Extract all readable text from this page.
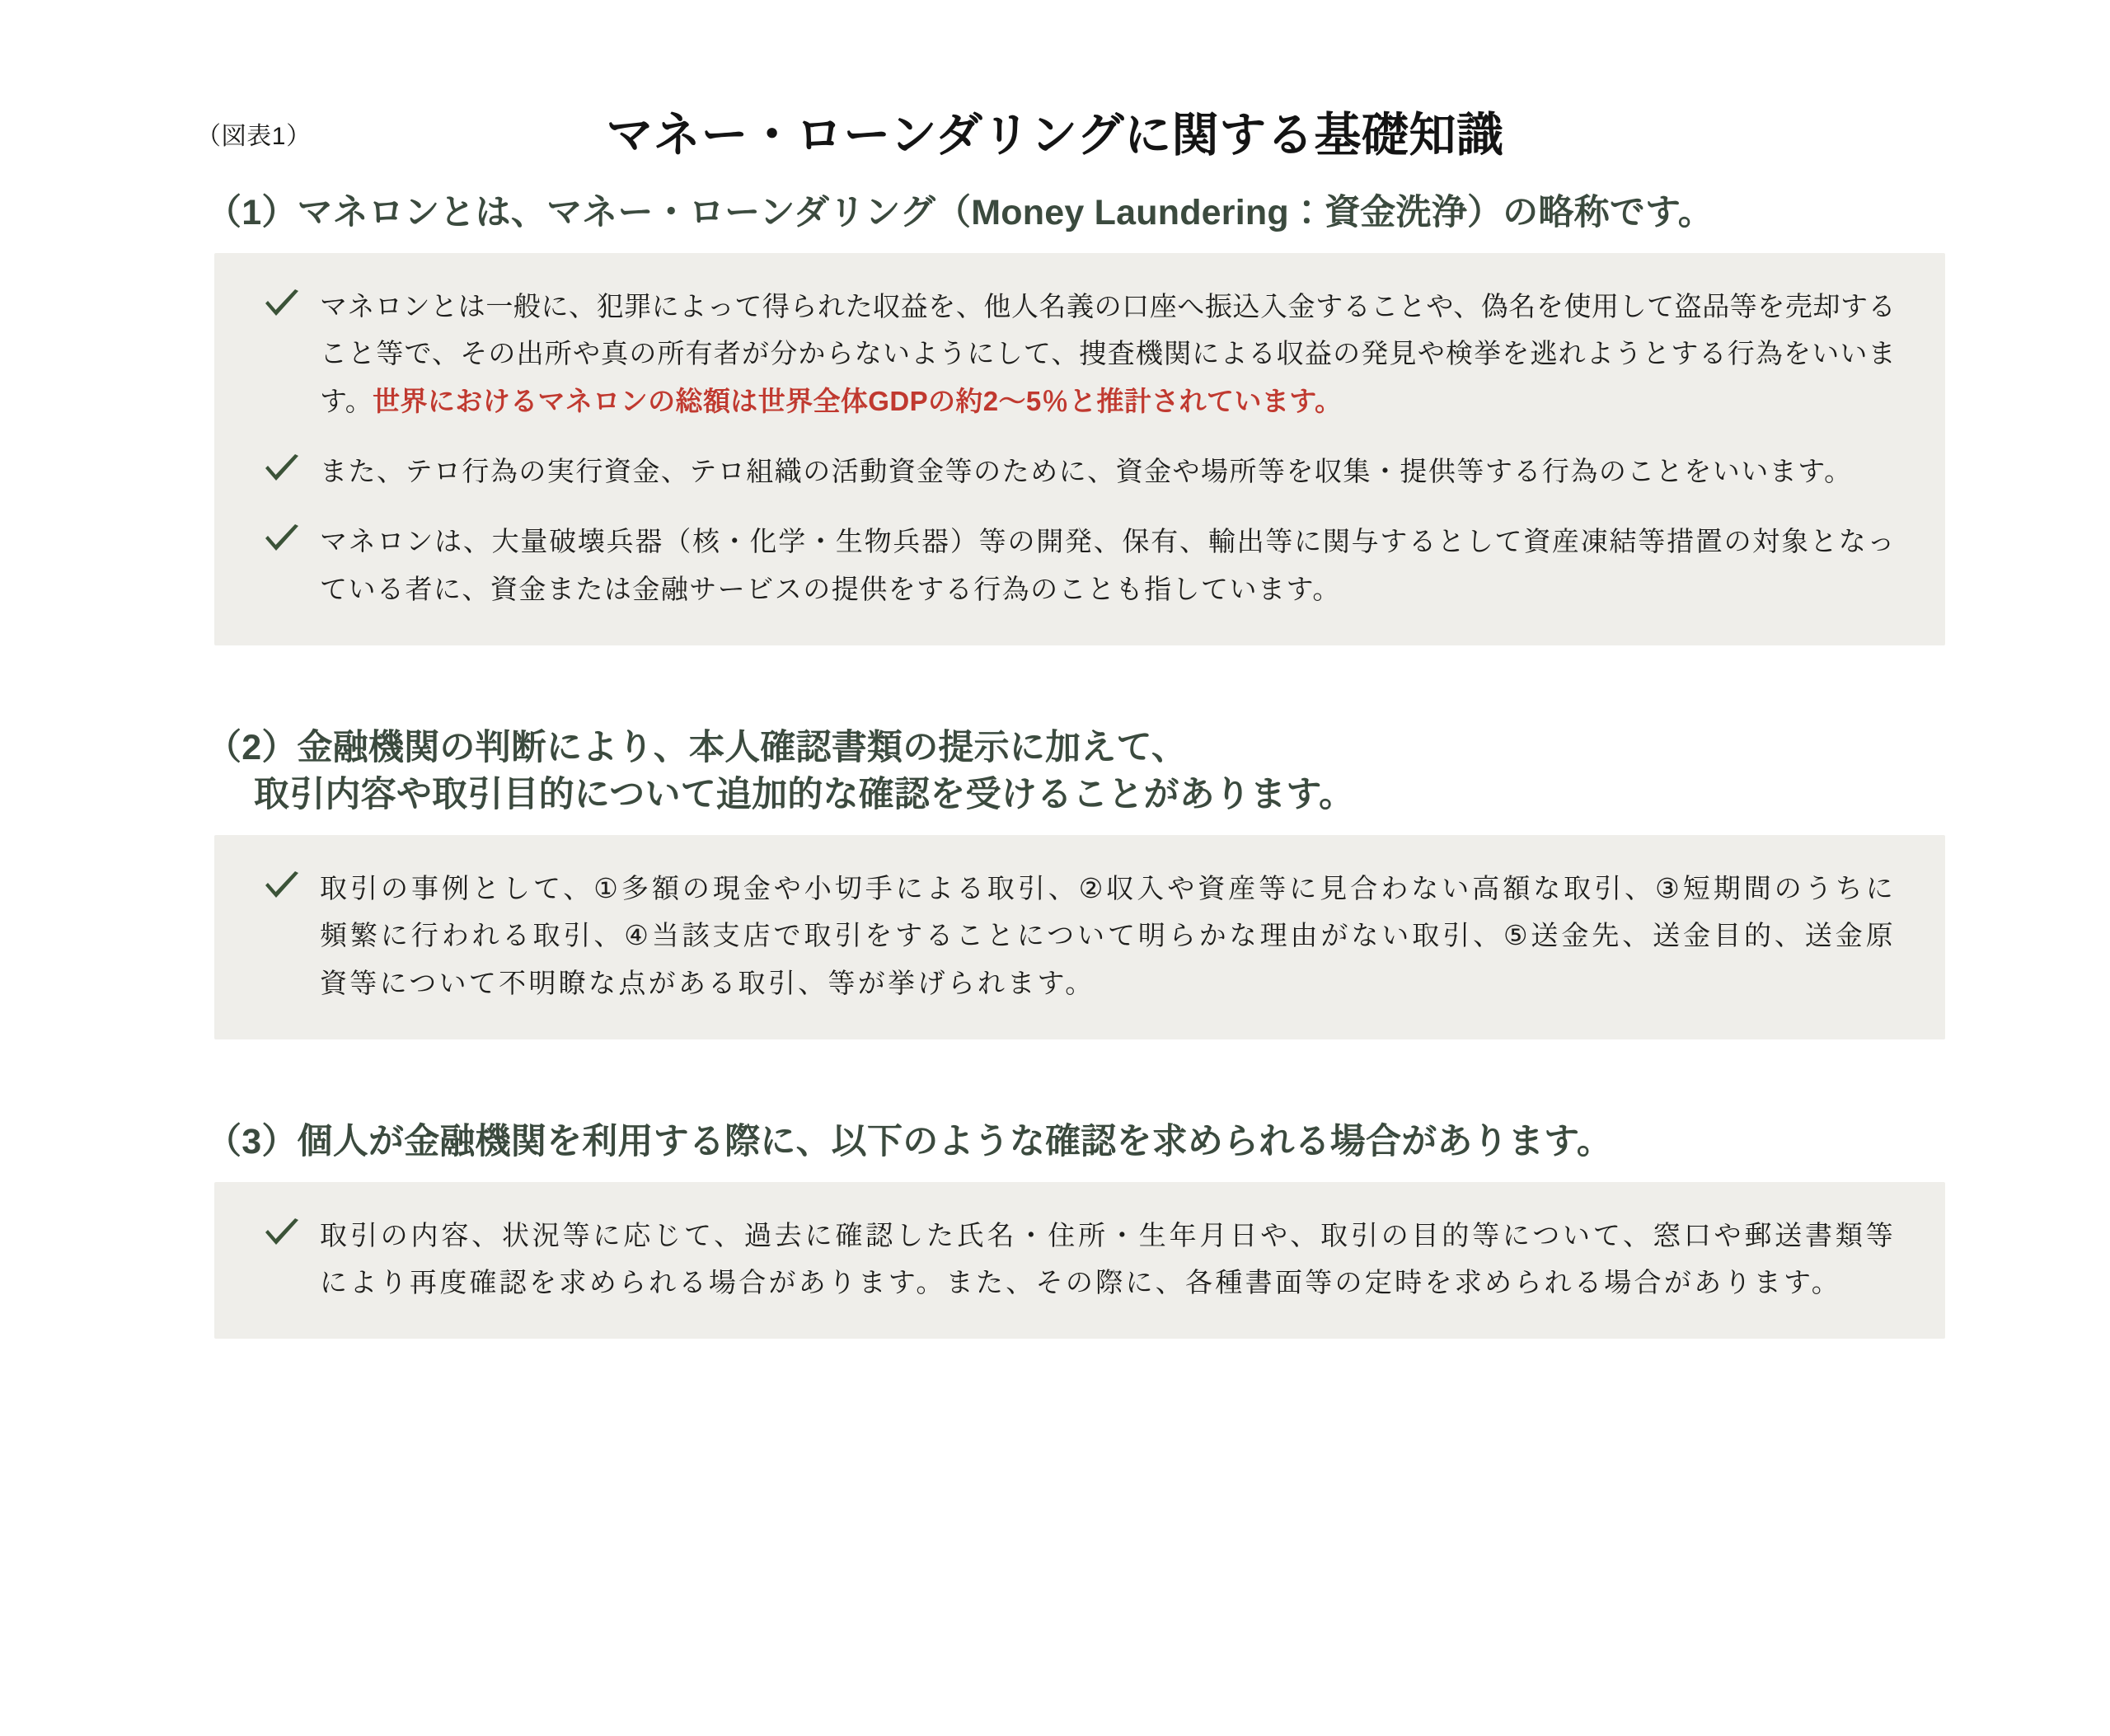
（図表1）	マネー・ローンダリングに関する基礎知識
（1）マネロンとは、マネー・ローンダリング（Money Laundering：資金洗浄）の略称です。
マネロンとは一般に、犯罪によって得られた収益を、他人名義の口座へ振込入金することや、偽名を使用して盗品等を売却すること等で、その出所や真の所有者が分からないようにして、捜査機関による収益の発見や検挙を逃れようとする行為をいいます。世界におけるマネロンの総額は世界全体GDPの約2〜5％と推計されています。
また、テロ行為の実行資金、テロ組織の活動資金等のために、資金や場所等を収集・提供等する行為のことをいいます。
マネロンは、大量破壊兵器（核・化学・生物兵器）等の開発、保有、輸出等に関与するとして資産凍結等措置の対象となっている者に、資金または金融サービスの提供をする行為のことも指しています。
（2）金融機関の判断により、本人確認書類の提示に加えて、
取引内容や取引目的について追加的な確認を受けることがあります。
取引の事例として、①多額の現金や小切手による取引、②収入や資産等に見合わない高額な取引、③短期間のうちに頻繁に行われる取引、④当該支店で取引をすることについて明らかな理由がない取引、⑤送金先、送金目的、送金原資等について不明瞭な点がある取引、等が挙げられます。
（3）個人が金融機関を利用する際に、以下のような確認を求められる場合があります。
取引の内容、状況等に応じて、過去に確認した氏名・住所・生年月日や、取引の目的等について、窓口や郵送書類等により再度確認を求められる場合があります。また、その際に、各種書面等の定時を求められる場合があります。
